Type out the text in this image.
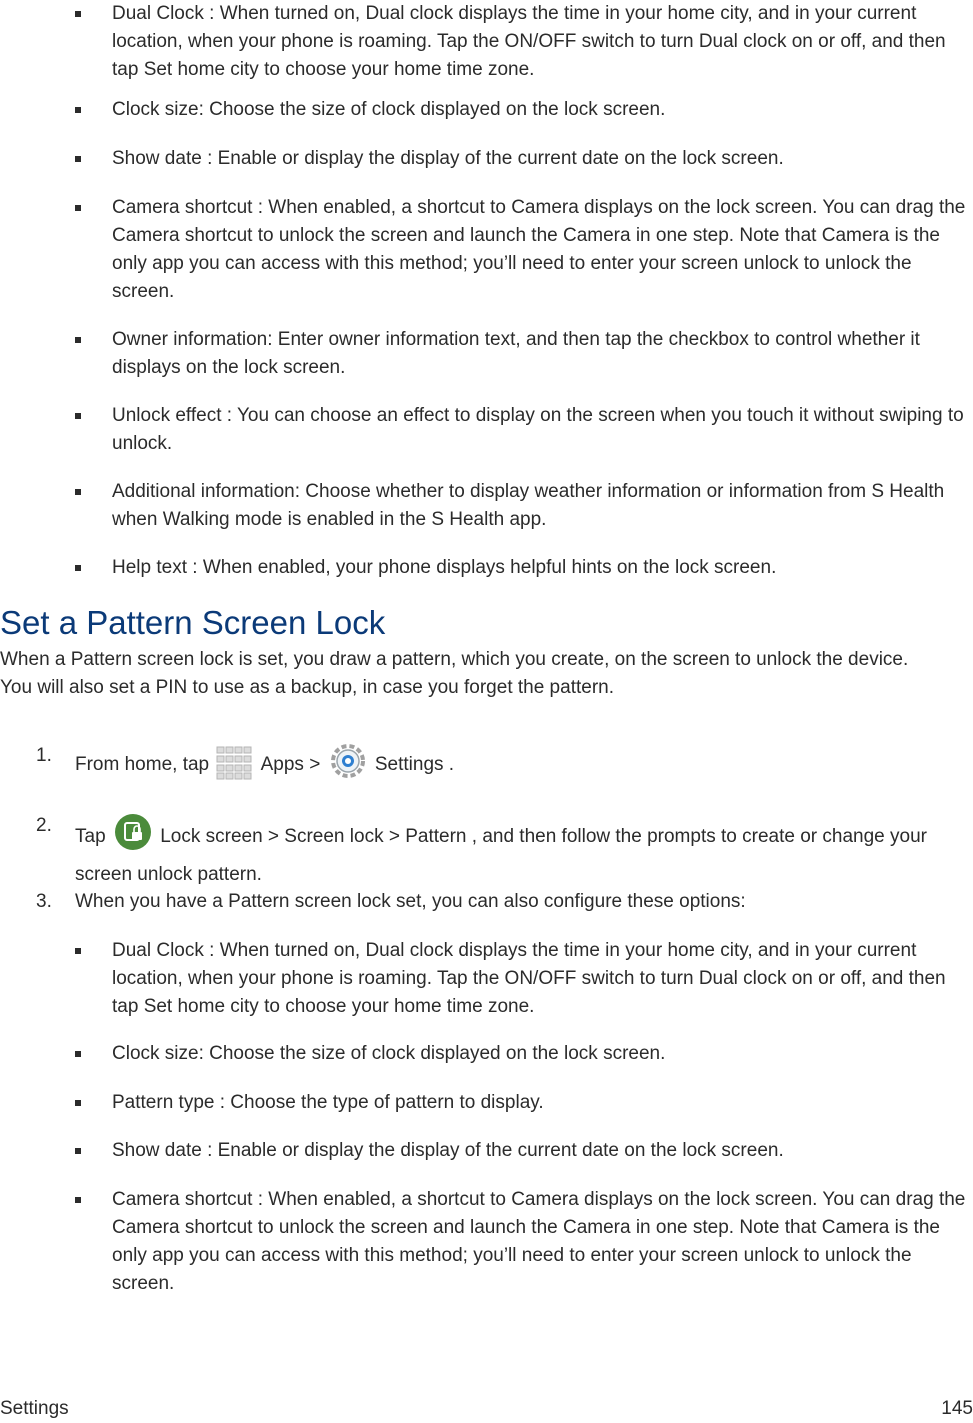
Dual Clock : When turned on, Dual clock displays the time in your home city, and in your current location, when your phone is roaming. Tap the ON/OFF switch to turn Dual clock on or off, and then tap Set home city to choose your home time zone.
Clock size: Choose the size of clock displayed on the lock screen.
Show date : Enable or display the display of the current date on the lock screen.
Camera shortcut : When enabled, a shortcut to Camera displays on the lock screen. You can drag the Camera shortcut to unlock the screen and launch the Camera in one step. Note that Camera is the only app you can access with this method; you’ll need to enter your screen unlock to unlock the screen.
Owner information: Enter owner information text, and then tap the checkbox to control whether it displays on the lock screen.
Unlock effect : You can choose an effect to display on the screen when you touch it without swiping to unlock.
Additional information: Choose whether to display weather information or information from S Health when Walking mode is enabled in the S Health app.
Help text : When enabled, your phone displays helpful hints on the lock screen.
Set a Pattern Screen Lock
When a Pattern screen lock is set, you draw a pattern, which you create, on the screen to unlock the device. You will also set a PIN to use as a backup, in case you forget the pattern.
1. From home, tap	Apps >	Settings .
2.
Tap	Lock screen > Screen lock > Pattern , and then follow the prompts to create or change your screen unlock pattern.
3. When you have a Pattern screen lock set, you can also configure these options:
Dual Clock : When turned on, Dual clock displays the time in your home city, and in your current location, when your phone is roaming. Tap the ON/OFF switch to turn Dual clock on or off, and then tap Set home city to choose your home time zone.
Clock size: Choose the size of clock displayed on the lock screen.
Pattern type : Choose the type of pattern to display.
Show date : Enable or display the display of the current date on the lock screen.
Camera shortcut : When enabled, a shortcut to Camera displays on the lock screen. You can drag the Camera shortcut to unlock the screen and launch the Camera in one step. Note that Camera is the only app you can access with this method; you’ll need to enter your screen unlock to unlock the screen.
Settings	145
